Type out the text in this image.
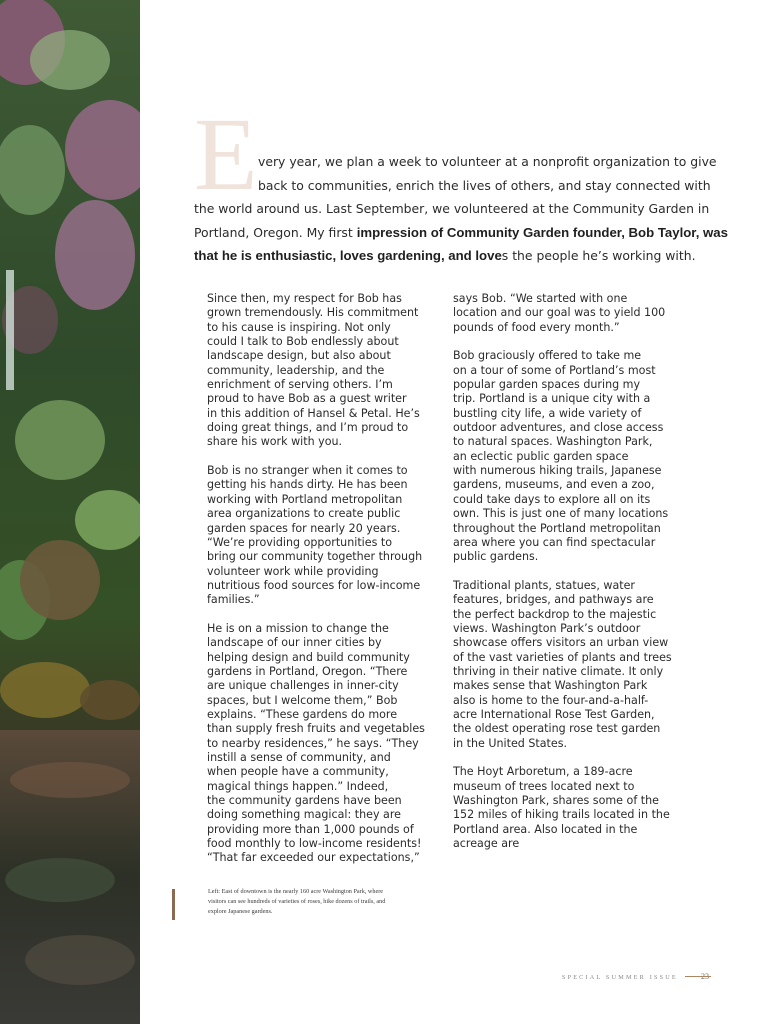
E very year, we plan a week to volunteer at a nonprofit organization to give
back to communities, enrich the lives of others, and stay connected with
the world around us. Last September, we volunteered at the Community Garden in
Portland, Oregon. My first impression of Community Garden founder, Bob Taylor, was
that he is enthusiastic, loves gardening, and loves the people he’s working with.

Since then, my respect for Bob has
grown tremendously. His commitment
to his cause is inspiring. Not only
could I talk to Bob endlessly about
landscape design, but also about
community, leadership, and the
enrichment of serving others. I’m
proud to have Bob as a guest writer
in this addition of Hansel & Petal. He’s
doing great things, and I’m proud to
share his work with you.

Bob is no stranger when it comes to
getting his hands dirty. He has been
working with Portland metropolitan
area organizations to create public
garden spaces for nearly 20 years.
“We’re providing opportunities to
bring our community together through
volunteer work while providing
nutritious food sources for low-income
families.”

He is on a mission to change the
landscape of our inner cities by
helping design and build community
gardens in Portland, Oregon. “There
are unique challenges in inner-city
spaces, but I welcome them,” Bob
explains. “These gardens do more
than supply fresh fruits and vegetables
to nearby residences,” he says. “They
instill a sense of community, and
when people have a community,
magical things happen.” Indeed,
the community gardens have been
doing something magical: they are
providing more than 1,000 pounds of
food monthly to low-income residents!
“That far exceeded our expectations,”

says Bob. “We started with one
location and our goal was to yield 100
pounds of food every month.”

Bob graciously offered to take me
on a tour of some of Portland’s most
popular garden spaces during my
trip. Portland is a unique city with a
bustling city life, a wide variety of
outdoor adventures, and close access
to natural spaces. Washington Park,
an eclectic public garden space
with numerous hiking trails, Japanese
gardens, museums, and even a zoo,
could take days to explore all on its
own. This is just one of many locations
throughout the Portland metropolitan
area where you can find spectacular
public gardens.

Traditional plants, statues, water
features, bridges, and pathways are
the perfect backdrop to the majestic
views. Washington Park’s outdoor
showcase offers visitors an urban view
of the vast varieties of plants and trees
thriving in their native climate. It only
makes sense that Washington Park
also is home to the four-and-a-half-
acre International Rose Test Garden,
the oldest operating rose test garden
in the United States.

The Hoyt Arboretum, a 189-acre
museum of trees located next to
Washington Park, shares some of the
152 miles of hiking trails located in the
Portland area. Also located in the
acreage are

Left: East of downtown is the nearly 160 acre Washington Park, where
visitors can see hundreds of varieties of roses, hike dozens of trails, and
explore Japanese gardens.

SPECIAL SUMMER ISSUE
